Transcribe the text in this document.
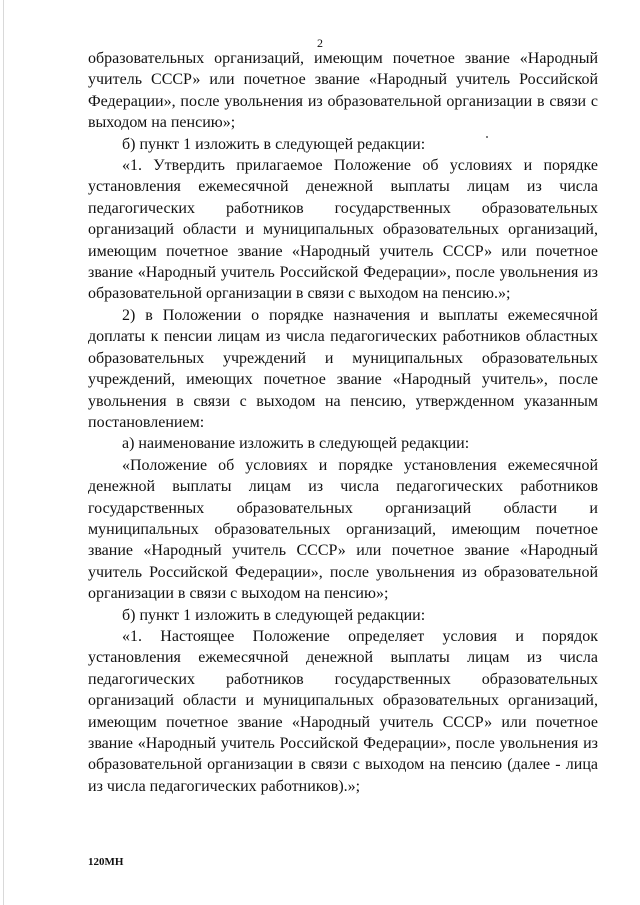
2

образовательных организаций, имеющим почетное звание «Народный учитель СССР» или почетное звание «Народный учитель Российской Федерации», после увольнения из образовательной организации в связи с выходом на пенсию»;

б) пункт 1 изложить в следующей редакции:

«1. Утвердить прилагаемое Положение об условиях и порядке установления ежемесячной денежной выплаты лицам из числа педагогических работников государственных образовательных организаций области и муниципальных образовательных организаций, имеющим почетное звание «Народный учитель СССР» или почетное звание «Народный учитель Российской Федерации», после увольнения из образовательной организации в связи с выходом на пенсию.»;

2) в Положении о порядке назначения и выплаты ежемесячной доплаты к пенсии лицам из числа педагогических работников областных образовательных учреждений и муниципальных образовательных учреждений, имеющих почетное звание «Народный учитель», после увольнения в связи с выходом на пенсию, утвержденном указанным постановлением:

а) наименование изложить в следующей редакции:

«Положение об условиях и порядке установления ежемесячной денежной выплаты лицам из числа педагогических работников государственных образовательных организаций области и муниципальных образовательных организаций, имеющим почетное звание «Народный учитель СССР» или почетное звание «Народный учитель Российской Федерации», после увольнения из образовательной организации в связи с выходом на пенсию»;

б) пункт 1 изложить в следующей редакции:

«1. Настоящее Положение определяет условия и порядок установления ежемесячной денежной выплаты лицам из числа педагогических работников государственных образовательных организаций области и муниципальных образовательных организаций, имеющим почетное звание «Народный учитель СССР» или почетное звание «Народный учитель Российской Федерации», после увольнения из образовательной организации в связи с выходом на пенсию (далее - лица из числа педагогических работников).»;

120МН
